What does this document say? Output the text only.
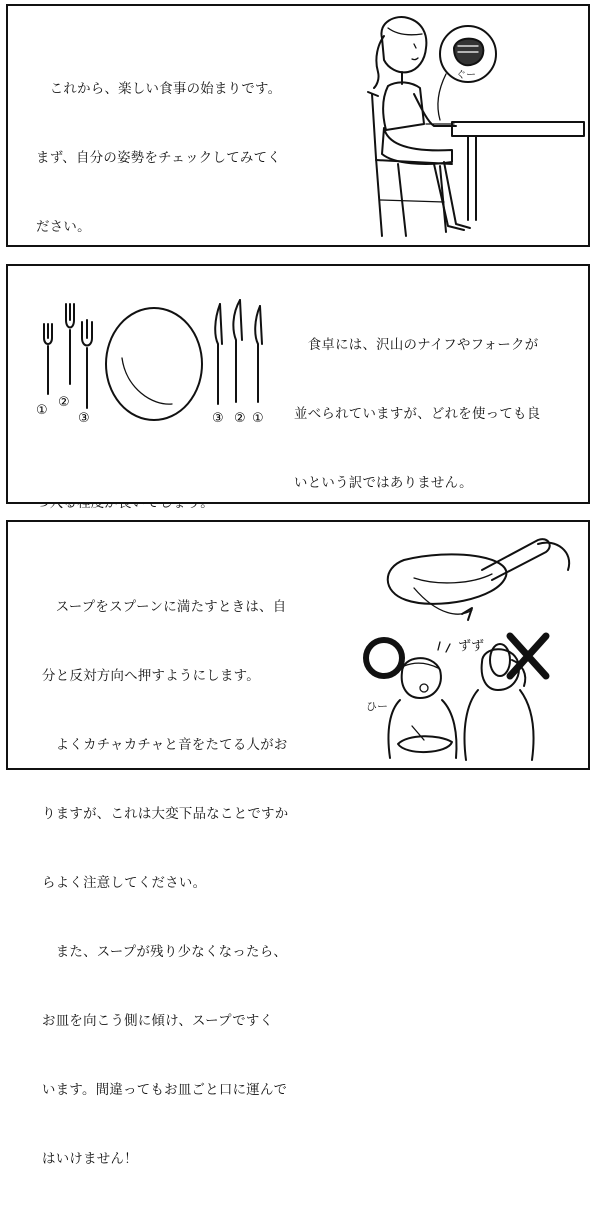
　これから、楽しい食事の始まりです。

まず、自分の姿勢をチェックしてみてく

ださい。

ぐー
①
②
③	③ ② ①

　食卓には、沢山のナイフやフォークが

並べられていますが、どれを使っても良

いという訳ではありません。

　スープをスプーンに満たすときは、自

分と反対方向へ押すようにします。

　よくカチャカチャと音をたてる人がお

りますが、これは大変下品なことですか

らよく注意してください。

　また、スープが残り少なくなったら、

お皿を向こう側に傾け、スープですく

います。間違ってもお皿ごと口に運んで

はいけません！

ひー
ずず
